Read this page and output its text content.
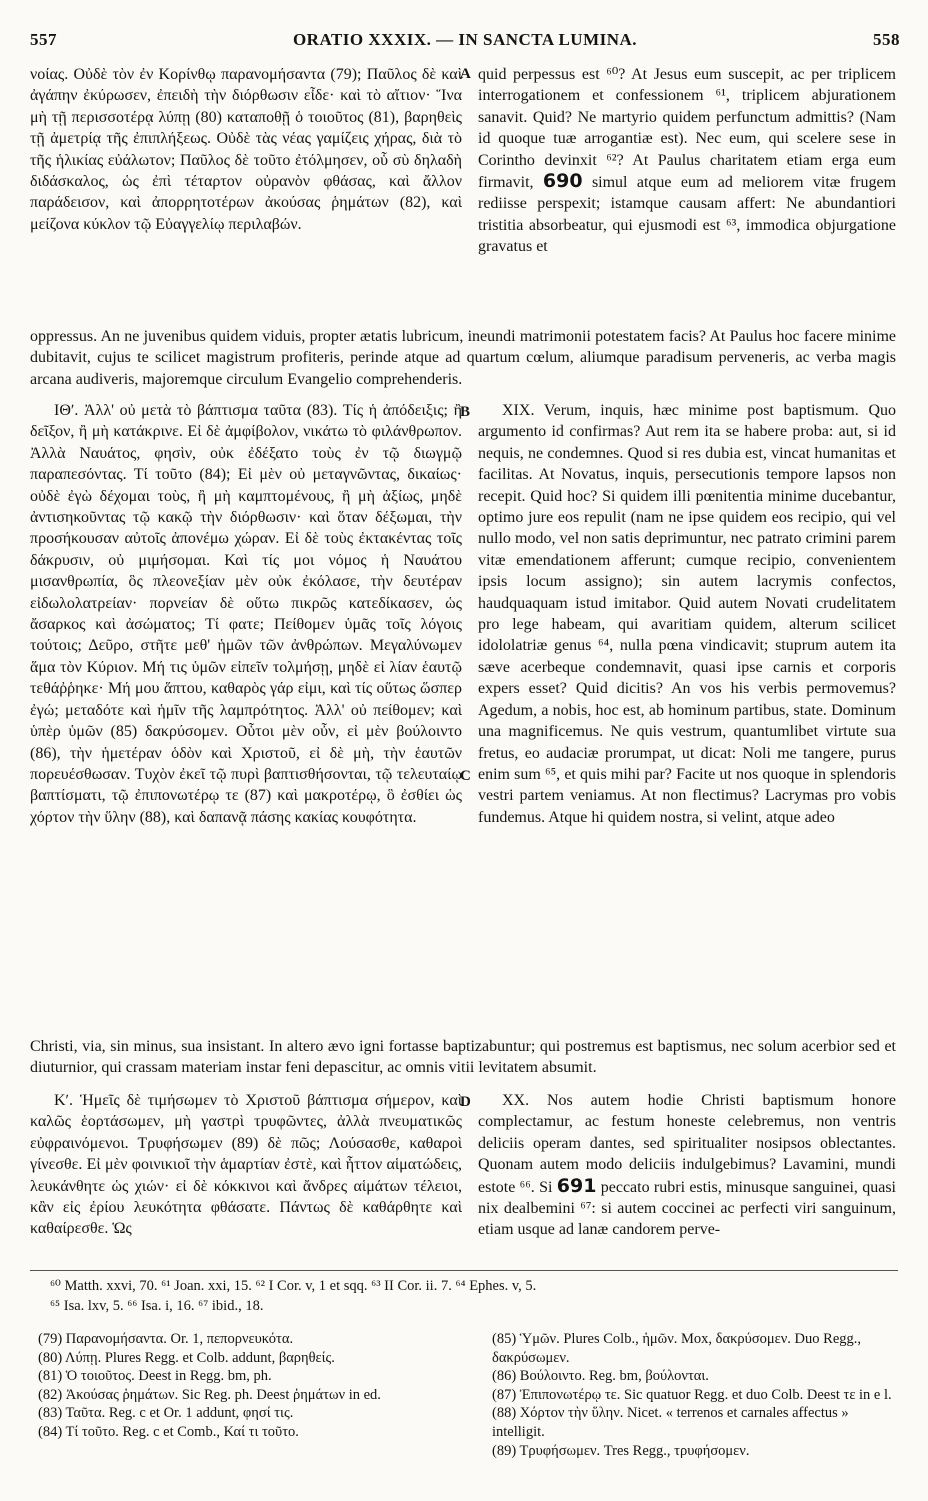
557	ORATIO XXXIX. — IN SANCTA LUMINA.	558

νοίας. Οὐδὲ τὸν ἐν Κορίνθῳ παρανομήσαντα (79); Παῦλος δὲ καὶ ἀγάπην ἐκύρωσεν, ἐπειδὴ τὴν διόρθωσιν εἶδε· καὶ τὸ αἴτιον· Ἵνα μὴ τῇ περισσοτέρᾳ λύπῃ (80) καταποθῇ ὁ τοιοῦτος (81), βαρηθεὶς τῇ ἀμετρίᾳ τῆς ἐπιπλήξεως. Οὐδὲ τὰς νέας γαμίζεις χήρας, διὰ τὸ τῆς ἡλικίας εὐάλωτον; Παῦλος δὲ τοῦτο ἐτόλμησεν, οὗ σὺ δηλαδὴ διδάσκαλος, ὡς ἐπὶ τέταρτον οὐρανὸν φθάσας, καὶ ἄλλον παράδεισον, καὶ ἀπορρητοτέρων ἀκούσας ῥημάτων (82), καὶ μείζονα κύκλον τῷ Εὐαγγελίῳ περιλαβών.

A quid perpessus est ⁶⁰? At Jesus eum suscepit, ac per triplicem interrogationem et confessionem ⁶¹, triplicem abjurationem sanavit. Quid? Ne martyrio quidem perfunctum admittis? (Nam id quoque tuæ arrogantiæ est). Nec eum, qui scelere sese in Corintho devinxit ⁶²? At Paulus charitatem etiam erga eum firmavit, 690 simul atque eum ad meliorem vitæ frugem rediisse perspexit; istamque causam affert: Ne abundantiori tristitia absorbeatur, qui ejusmodi est ⁶³, immodica objurgatione gravatus et

oppressus. An ne juvenibus quidem viduis, propter ætatis lubricum, ineundi matrimonii potestatem facis? At Paulus hoc facere minime dubitavit, cujus te scilicet magistrum profiteris, perinde atque ad quartum cœlum, aliumque paradisum perveneris, ac verba magis arcana audiveris, majoremque circulum Evangelio comprehenderis.

ΙΘʹ. Ἀλλ' οὐ μετὰ τὸ βάπτισμα ταῦτα (83). Τίς ἡ ἀπόδειξις; ἢ δεῖξον, ἢ μὴ κατάκρινε. Εἰ δὲ ἀμφίβολον, νικάτω τὸ φιλάνθρωπον. Ἀλλὰ Ναυάτος, φησὶν, οὐκ ἐδέξατο τοὺς ἐν τῷ διωγμῷ παραπεσόντας. Τί τοῦτο (84); Εἰ μὲν οὐ μεταγνῶντας, δικαίως· οὐδὲ ἐγὼ δέχομαι τοὺς, ἢ μὴ καμπτομένους, ἢ μὴ ἀξίως, μηδὲ ἀντισηκοῦντας τῷ κακῷ τὴν διόρθωσιν· καὶ ὅταν δέξωμαι, τὴν προσήκουσαν αὐτοῖς ἀπονέμω χώραν. Εἰ δὲ τοὺς ἐκτακέντας τοῖς δάκρυσιν, οὐ μιμήσομαι. Καὶ τίς μοι νόμος ἡ Ναυάτου μισανθρωπία, ὃς πλεονεξίαν μὲν οὐκ ἐκόλασε, τὴν δευτέραν εἰδωλολατρείαν· πορνείαν δὲ οὕτω πικρῶς κατεδίκασεν, ὡς ἄσαρκος καὶ ἀσώματος; Τί φατε; Πείθομεν ὑμᾶς τοῖς λόγοις τούτοις; Δεῦρο, στῆτε μεθ' ἡμῶν τῶν ἀνθρώπων. Μεγαλύνωμεν ἅμα τὸν Κύριον. Μή τις ὑμῶν εἰπεῖν τολμήσῃ, μηδὲ εἰ λίαν ἑαυτῷ τεθάῤῥηκε· Μή μου ἅπτου, καθαρὸς γάρ εἰμι, καὶ τίς οὕτως ὥσπερ ἐγώ; μεταδότε καὶ ἡμῖν τῆς λαμπρότητος. Ἀλλ' οὐ πείθομεν; καὶ ὑπὲρ ὑμῶν (85) δακρύσομεν. Οὗτοι μὲν οὖν, εἰ μὲν βούλοιντο (86), τὴν ἡμετέραν ὁδὸν καὶ Χριστοῦ, εἰ δὲ μὴ, τὴν ἑαυτῶν πορευέσθωσαν. Τυχὸν ἐκεῖ τῷ πυρὶ βαπτισθήσονται, τῷ τελευταίῳ βαπτίσματι, τῷ ἐπιπονωτέρῳ τε (87) καὶ μακροτέρῳ, ὃ ἐσθίει ὡς χόρτον τὴν ὕλην (88), καὶ δαπανᾷ πάσης κακίας κουφότητα.

B
C

XIX. Verum, inquis, hæc minime post baptismum. Quo argumento id confirmas? Aut rem ita se habere proba: aut, si id nequis, ne condemnes. Quod si res dubia est, vincat humanitas et facilitas. At Novatus, inquis, persecutionis tempore lapsos non recepit. Quid hoc? Si quidem illi pœnitentia minime ducebantur, optimo jure eos repulit (nam ne ipse quidem eos recipio, qui vel nullo modo, vel non satis deprimuntur, nec patrato crimini parem vitæ emendationem afferunt; cumque recipio, convenientem ipsis locum assigno); sin autem lacrymis confectos, haudquaquam istud imitabor. Quid autem Novati crudelitatem pro lege habeam, qui avaritiam quidem, alterum scilicet idololatriæ genus ⁶⁴, nulla pœna vindicavit; stuprum autem ita sæve acerbeque condemnavit, quasi ipse carnis et corporis expers esset? Quid dicitis? An vos his verbis permovemus? Agedum, a nobis, hoc est, ab hominum partibus, state. Dominum una magnificemus. Ne quis vestrum, quantumlibet virtute sua fretus, eo audaciæ prorumpat, ut dicat: Noli me tangere, purus enim sum ⁶⁵, et quis mihi par? Facite ut nos quoque in splendoris vestri partem veniamus. At non flectimus? Lacrymas pro vobis fundemus. Atque hi quidem nostra, si velint, atque adeo

Christi, via, sin minus, sua insistant. In altero ævo igni fortasse baptizabuntur; qui postremus est baptismus, nec solum acerbior sed et diuturnior, qui crassam materiam instar feni depascitur, ac omnis vitii levitatem absumit.

Κʹ. Ἡμεῖς δὲ τιμήσωμεν τὸ Χριστοῦ βάπτισμα σήμερον, καὶ καλῶς ἑορτάσωμεν, μὴ γαστρὶ τρυφῶντες, ἀλλὰ πνευματικῶς εὐφραινόμενοι. Τρυφήσωμεν (89) δὲ πῶς; Λούσασθε, καθαροὶ γίνεσθε. Εἰ μὲν φοινικιοῖ τὴν ἁμαρτίαν ἐστὲ, καὶ ἧττον αἱματώδεις, λευκάνθητε ὡς χιών· εἰ δὲ κόκκινοι καὶ ἄνδρες αἱμάτων τέλειοι, κἂν εἰς ἐρίου λευκότητα φθάσατε. Πάντως δὲ καθάρθητε καὶ καθαίρεσθε. Ὡς

D	XX. Nos autem hodie Christi baptismum honore complectamur, ac festum honeste celebremus, non ventris deliciis operam dantes, sed spiritualiter nosipsos oblectantes. Quonam autem modo deliciis indulgebimus? Lavamini, mundi estote ⁶⁶. Si 691 peccato rubri estis, minusque sanguinei, quasi nix dealbemini ⁶⁷: si autem coccinei ac perfecti viri sanguinum, etiam usque ad lanæ candorem perve-

⁶⁰ Matth. xxvi, 70. ⁶¹ Joan. xxi, 15. ⁶² I Cor. v, 1 et sqq. ⁶³ II Cor. ii. 7. ⁶⁴ Ephes. v, 5.

⁶⁵ Isa. lxv, 5. ⁶⁶ Isa. i, 16. ⁶⁷ ibid., 18.

(79) Παρανομήσαντα. Or. 1, πεπορνευκότα.

(80) Λύπῃ. Plures Regg. et Colb. addunt, βαρηθείς.

(81) Ὁ τοιοῦτος. Deest in Regg. bm, ph.

(82) Ἀκούσας ῥημάτων. Sic Reg. ph. Deest ῥημάτων in ed.

(83) Ταῦτα. Reg. c et Or. 1 addunt, φησί τις.

(84) Τί τοῦτο. Reg. c et Comb., Καί τι τοῦτο.

(85) Ὑμῶν. Plures Colb., ἡμῶν. Mox, δακρύσομεν. Duo Regg., δακρύσωμεν.

(86) Βούλοιντο. Reg. bm, βούλονται.

(87) Ἐπιπονωτέρῳ τε. Sic quatuor Regg. et duo Colb. Deest τε in e l.

(88) Χόρτον τὴν ὕλην. Nicet. « terrenos et carnales affectus » intelligit.

(89) Τρυφήσωμεν. Tres Regg., τρυφήσομεν.
